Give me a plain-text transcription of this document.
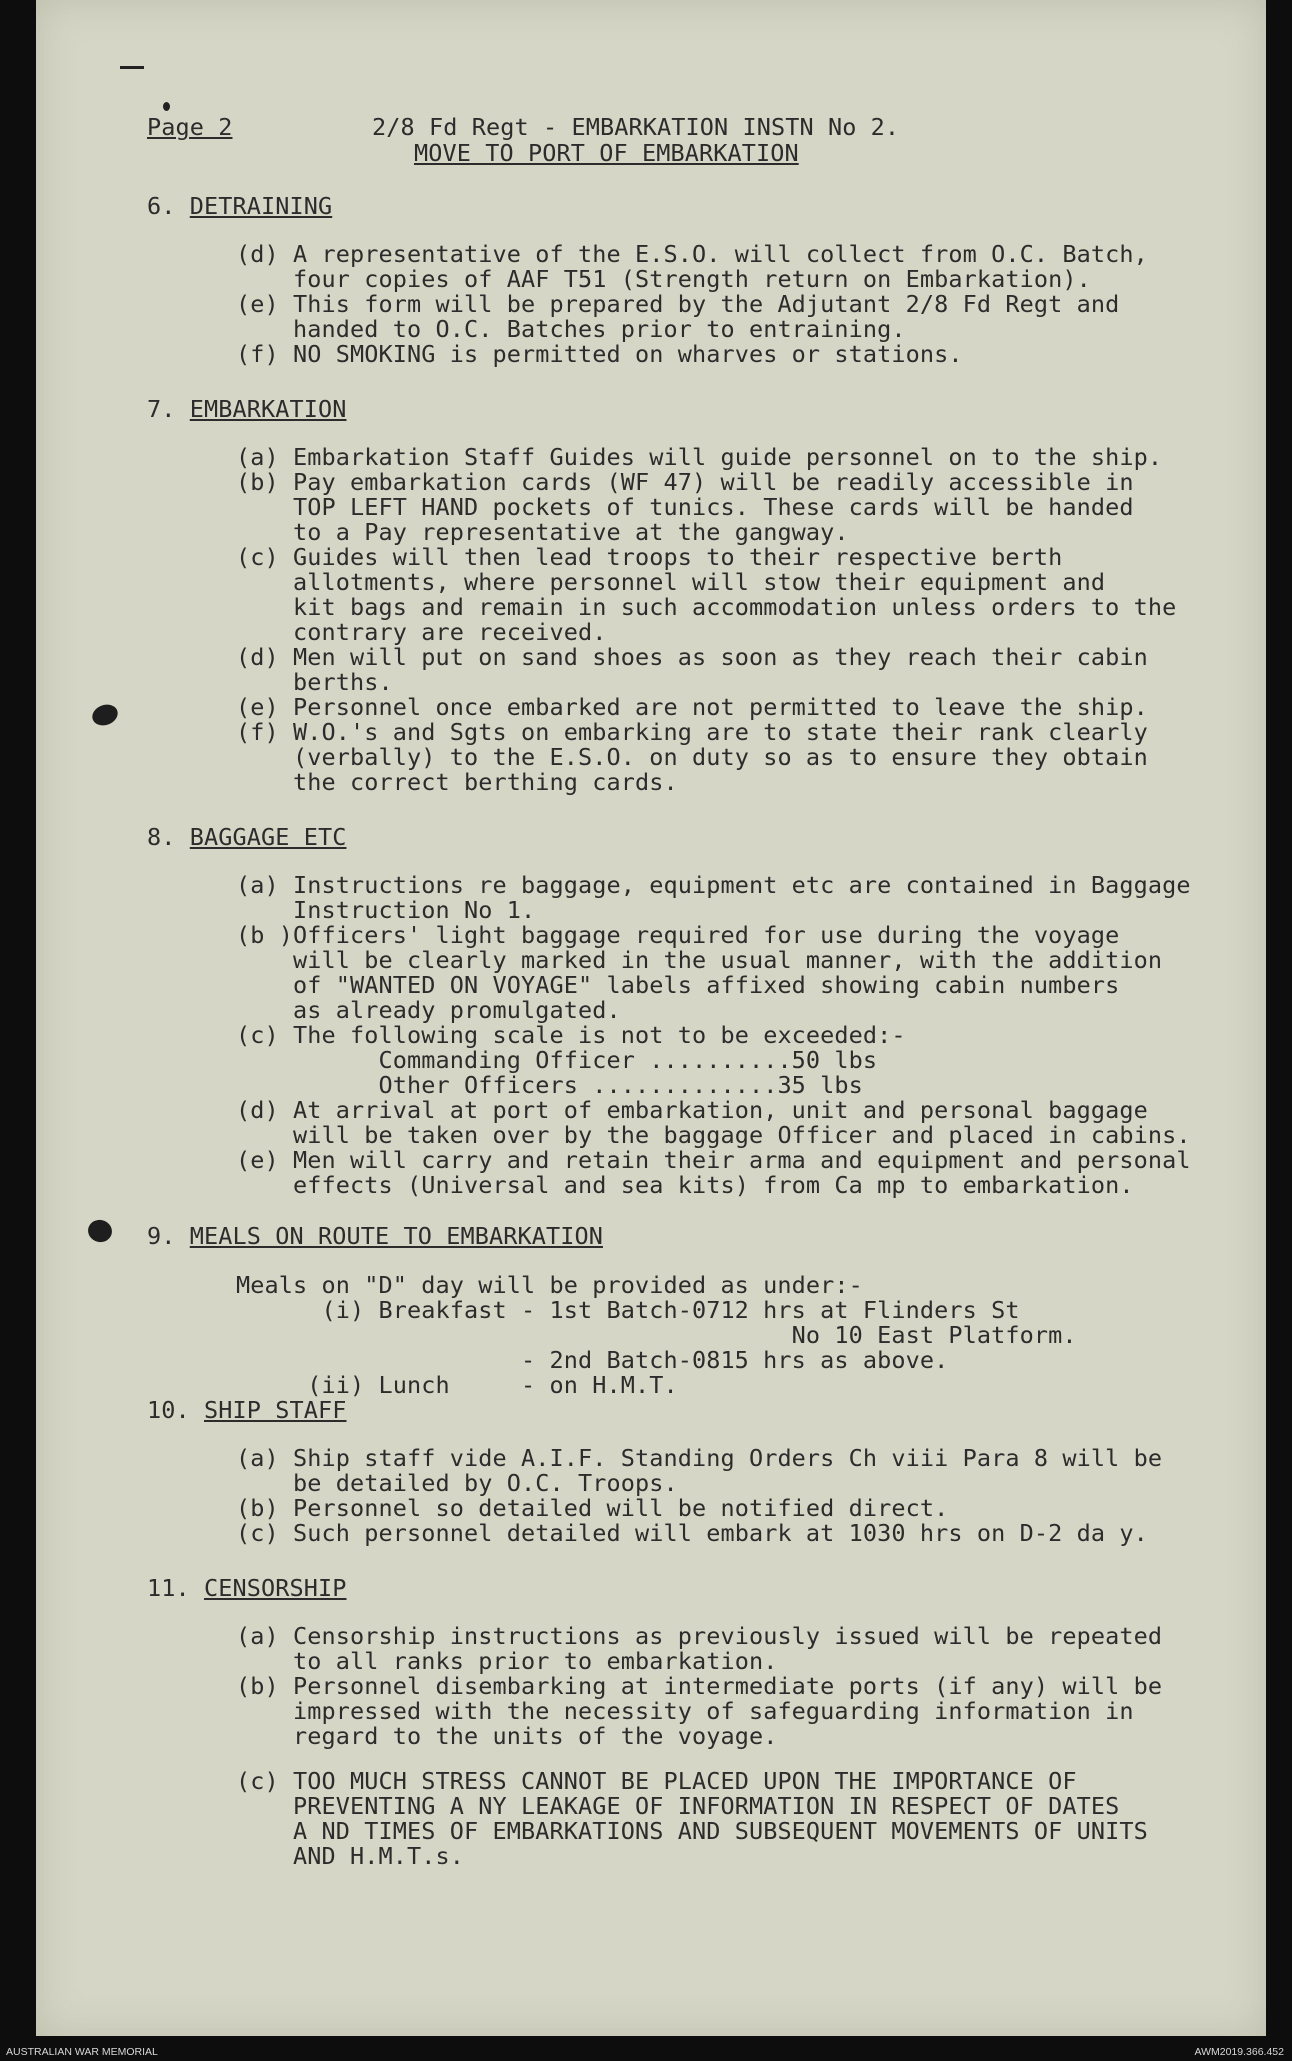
Page 2	2/8 Fd Regt - EMBARKATION INSTN No 2.
MOVE TO PORT OF EMBARKATION
6. DETRAINING
(d) A representative of the E.S.O. will collect from O.C. Batch,
four copies of AAF T51 (Strength return on Embarkation).
(e) This form will be prepared by the Adjutant 2/8 Fd Regt and
handed to O.C. Batches prior to entraining.
(f) NO SMOKING is permitted on wharves or stations.
7. EMBARKATION
(a) Embarkation Staff Guides will guide personnel on to the ship.
(b) Pay embarkation cards (WF 47) will be readily accessible in
TOP LEFT HAND pockets of tunics. These cards will be handed
to a Pay representative at the gangway.
(c) Guides will then lead troops to their respective berth
allotments, where personnel will stow their equipment and
kit bags and remain in such accommodation unless orders to the
contrary are received.
(d) Men will put on sand shoes as soon as they reach their cabin
berths.
(e) Personnel once embarked are not permitted to leave the ship.
(f) W.O.'s and Sgts on embarking are to state their rank clearly
(verbally) to the E.S.O. on duty so as to ensure they obtain
the correct berthing cards.
8. BAGGAGE ETC
(a) Instructions re baggage, equipment etc are contained in Baggage
Instruction No 1.
(b ) Officers' light baggage required for use during the voyage
will be clearly marked in the usual manner, with the addition
of "WANTED ON VOYAGE" labels affixed showing cabin numbers
as already promulgated.
(c) The following scale is not to be exceeded:-
Commanding Officer ..........50 lbs
Other Officers .............35 lbs
(d) At arrival at port of embarkation, unit and personal baggage
will be taken over by the baggage Officer and placed in cabins.
(e) Men will carry and retain their arma and equipment and personal
effects (Universal and sea kits) from Ca mp to embarkation.
9. MEALS ON ROUTE TO EMBARKATION
Meals on "D" day will be provided as under:-
(i) Breakfast - 1st Batch-0712 hrs at Flinders St
No 10 East Platform.
- 2nd Batch-0815 hrs as above.
(ii) Lunch     - on H.M.T.
10. SHIP STAFF
(a) Ship staff vide A.I.F. Standing Orders Ch viii Para 8 will be
be detailed by O.C. Troops.
(b) Personnel so detailed will be notified direct.
(c) Such personnel detailed will embark at 1030 hrs on D-2 da y.
11. CENSORSHIP
(a) Censorship instructions as previously issued will be repeated
to all ranks prior to embarkation.
(b) Personnel disembarking at intermediate ports (if any) will be
impressed with the necessity of safeguarding information in
regard to the units of the voyage.
(c) TOO MUCH STRESS CANNOT BE PLACED UPON THE IMPORTANCE OF
PREVENTING A NY LEAKAGE OF INFORMATION IN RESPECT OF DATES
A ND TIMES OF EMBARKATIONS AND SUBSEQUENT MOVEMENTS OF UNITS
AND H.M.T.s.
AUSTRALIAN WAR MEMORIAL	AWM2019.366.452
